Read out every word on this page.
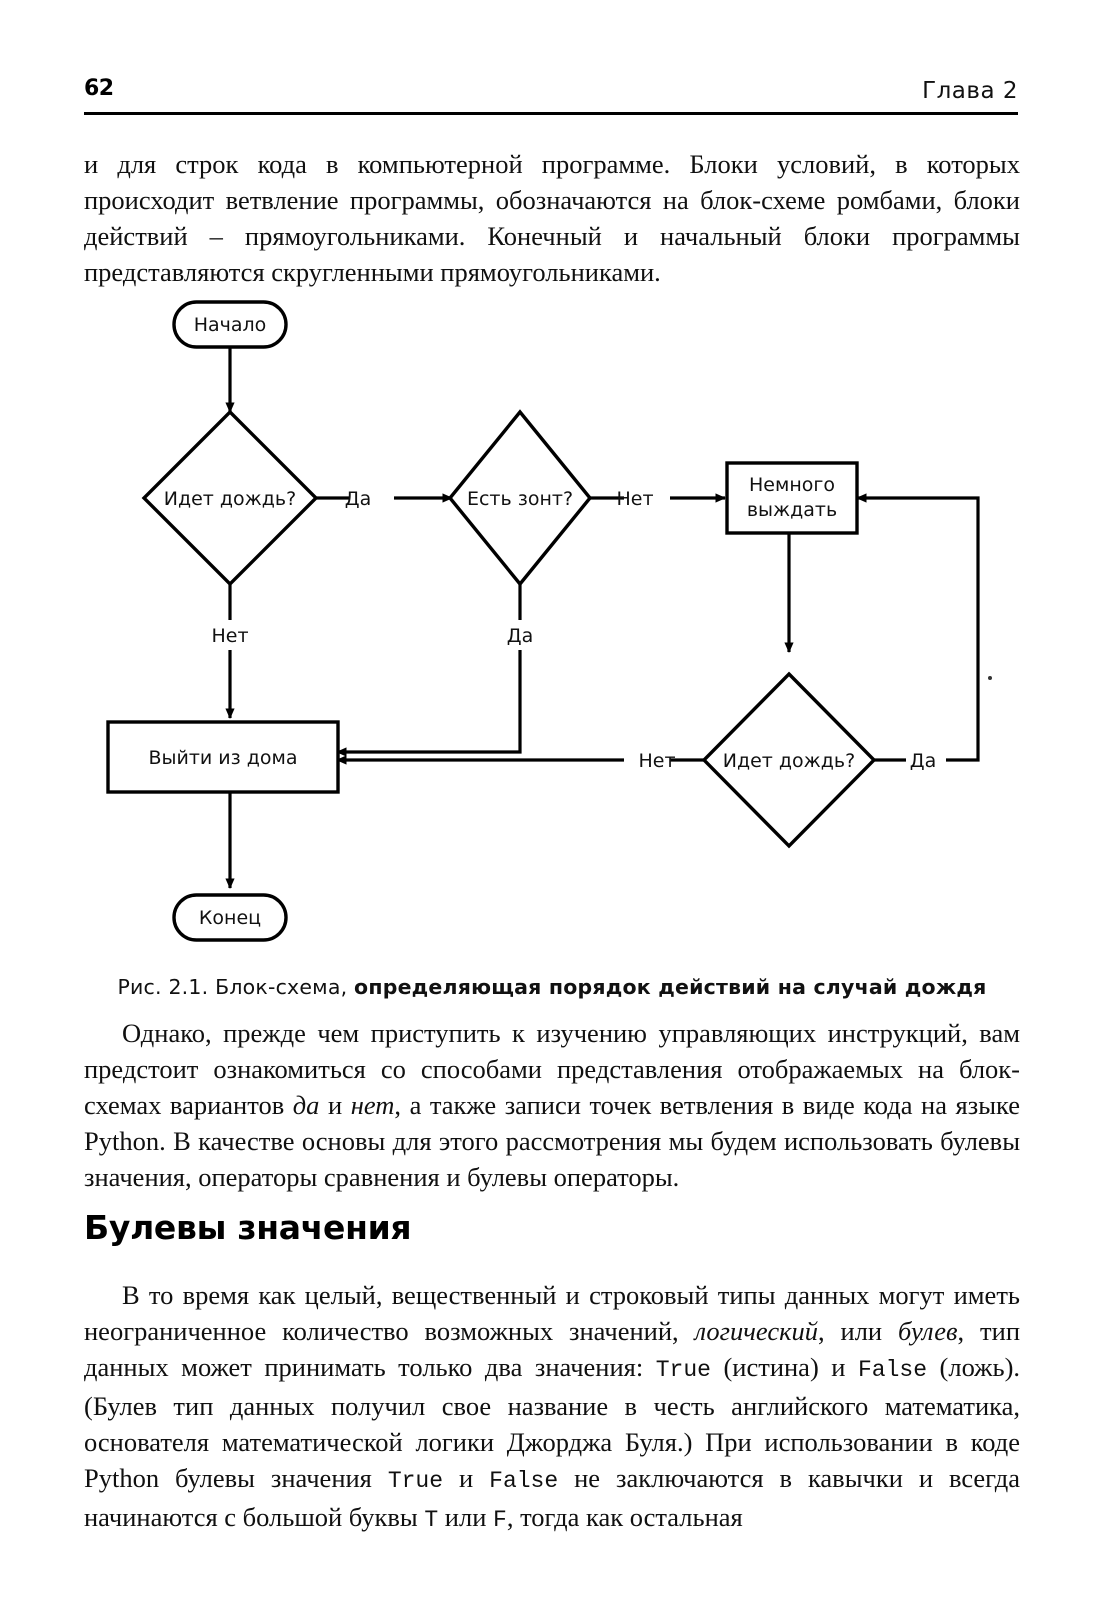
62	Глава 2

и для строк кода в компьютерной программе. Блоки условий, в которых происходит ветвление программы, обозначаются на блок-схеме ромбами, блоки действий – прямоугольниками. Конечный и начальный блоки программы представляются скругленными прямоугольниками.

Начало
Идет дождь?	Есть зонт?
Немного
выждать
Идет дождь?
Выйти из дома
Конец
Да
Нет
Нет
Да
Нет	Да
Рис. 2.1. Блок-схема, определяющая порядок действий на случай дождя

Однако, прежде чем приступить к изучению управляющих инструкций, вам предстоит ознакомиться со способами представления отображаемых на блок-схемах вариантов да и нет, а также записи точек ветвления в виде кода на языке Python. В качестве основы для этого рассмотрения мы будем использовать булевы значения, операторы сравнения и булевы операторы.

Булевы значения

В то время как целый, вещественный и строковый типы данных могут иметь неограниченное количество возможных значений, логический, или булев, тип данных может принимать только два значения: True (истина) и False (ложь). (Булев тип данных получил свое название в честь английского математика, основателя математической логики Джорджа Буля.) При использовании в коде Python булевы значения True и False не заключаются в кавычки и всегда начинаются с большой буквы T или F, тогда как остальная
